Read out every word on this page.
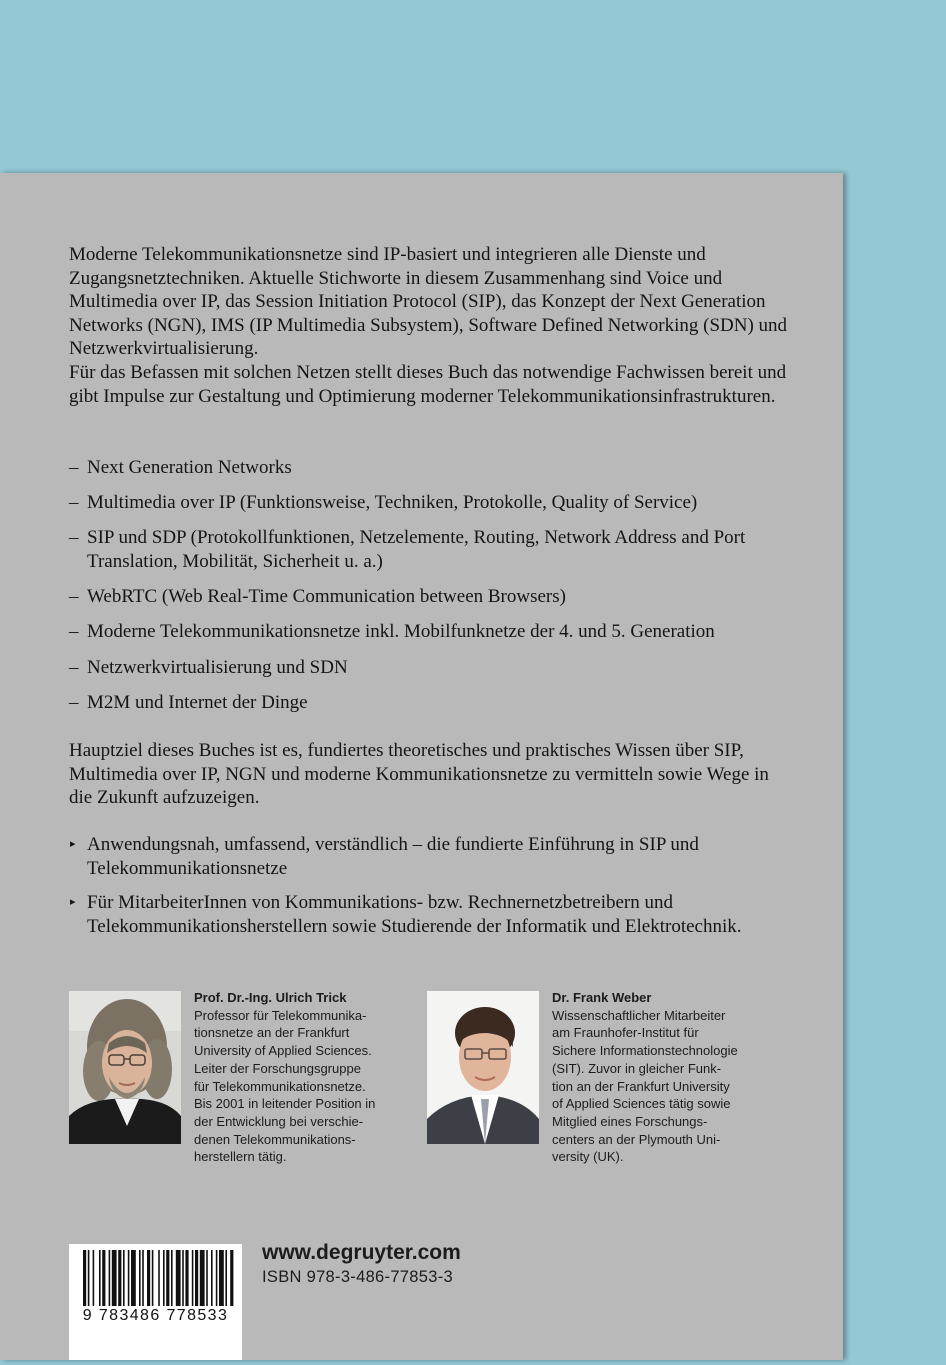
Moderne Telekommunikationsnetze sind IP-basiert und integrieren alle Dienste und Zugangsnetztechniken. Aktuelle Stichworte in diesem Zusammenhang sind Voice und Multimedia over IP, das Session Initiation Protocol (SIP), das Konzept der Next Generation Networks (NGN), IMS (IP Multimedia Subsystem), Software Defined Networking (SDN) und Netzwerkvirtualisierung.

Für das Befassen mit solchen Netzen stellt dieses Buch das notwendige Fachwissen bereit und gibt Impulse zur Gestaltung und Optimierung moderner Telekommunikationsinfrastrukturen.

– Next Generation Networks
– Multimedia over IP (Funktionsweise, Techniken, Protokolle, Quality of Service)
– SIP und SDP (Protokollfunktionen, Netzelemente, Routing, Network Address and Port Translation, Mobilität, Sicherheit u. a.)
– WebRTC (Web Real-Time Communication between Browsers)
– Moderne Telekommunikationsnetze inkl. Mobilfunknetze der 4. und 5. Generation
– Netzwerkvirtualisierung und SDN
– M2M und Internet der Dinge

Hauptziel dieses Buches ist es, fundiertes theoretisches und praktisches Wissen über SIP, Multimedia over IP, NGN und moderne Kommunikationsnetze zu vermitteln sowie Wege in die Zukunft aufzuzeigen.

▸ Anwendungsnah, umfassend, verständlich – die fundierte Einführung in SIP und Telekommunikationsnetze
▸ Für MitarbeiterInnen von Kommunikations- bzw. Rechnernetzbetreibern und Telekommunikationsherstellern sowie Studierende der Informatik und Elektrotechnik.
Prof. Dr.-Ing. Ulrich Trick
Professor für Telekommunika-
tionsnetze an der Frankfurt
University of Applied Sciences.
Leiter der Forschungsgruppe
für Telekommunikationsnetze.
Bis 2001 in leitender Position in
der Entwicklung bei verschie-
denen Telekommunikations-
herstellern tätig.
Dr. Frank Weber
Wissenschaftlicher Mitarbeiter
am Fraunhofer-Institut für
Sichere Informationstechnologie
(SIT). Zuvor in gleicher Funk-
tion an der Frankfurt University
of Applied Sciences tätig sowie
Mitglied eines Forschungs-
centers an der Plymouth Uni-
versity (UK).
9 783486 778533
www.degruyter.com
ISBN 978-3-486-77853-3
